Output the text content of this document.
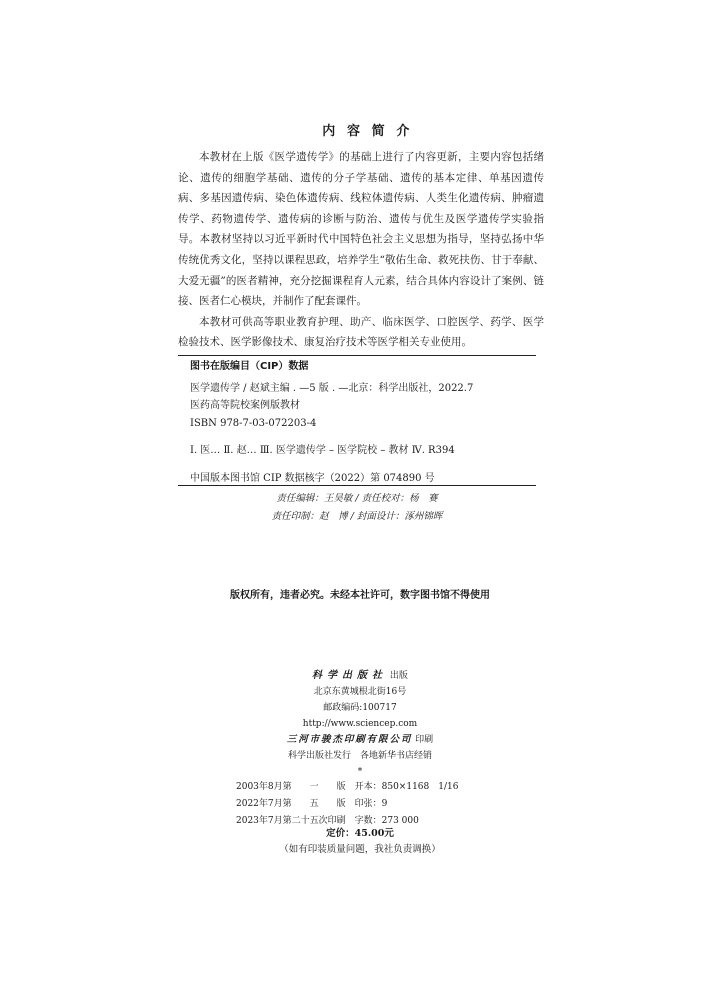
内容简介

本教材在上版《医学遗传学》的基础上进行了内容更新，主要内容包括绪论、遗传的细胞学基础、遗传的分子学基础、遗传的基本定律、单基因遗传病、多基因遗传病、染色体遗传病、线粒体遗传病、人类生化遗传病、肿瘤遗传学、药物遗传学、遗传病的诊断与防治、遗传与优生及医学遗传学实验指导。本教材坚持以习近平新时代中国特色社会主义思想为指导，坚持弘扬中华传统优秀文化，坚持以课程思政，培养学生“敬佑生命、救死扶伤、甘于奉献、大爱无疆”的医者精神，充分挖掘课程育人元素，结合具体内容设计了案例、链接、医者仁心模块，并制作了配套课件。

本教材可供高等职业教育护理、助产、临床医学、口腔医学、药学、医学检验技术、医学影像技术、康复治疗技术等医学相关专业使用。

图书在版编目（CIP）数据
医学遗传学 / 赵斌主编 . —5 版 . —北京：科学出版社，2022.7
医药高等院校案例版教材
ISBN 978-7-03-072203-4
Ⅰ. 医… Ⅱ. 赵… Ⅲ. 医学遗传学 – 医学院校 – 教材 Ⅳ. R394
中国版本图书馆 CIP 数据核字（2022）第 074890 号
责任编辑：王昊敏 / 责任校对：杨　赛
责任印制：赵　博 / 封面设计：涿州锦晖
版权所有，违者必究。未经本社许可，数字图书馆不得使用
科学出版社 出版
北京东黄城根北街16号
邮政编码:100717
http://www.sciencep.com
三河市骏杰印刷有限公司 印刷
科学出版社发行　各地新华书店经销
*
2003年8月第　　一　　版　开本：850×1168　1/16
2022年7月第　　五　　版　印张：9
2023年7月第二十五次印刷　字数：273 000
定价：45.00元
（如有印装质量问题，我社负责调换）
